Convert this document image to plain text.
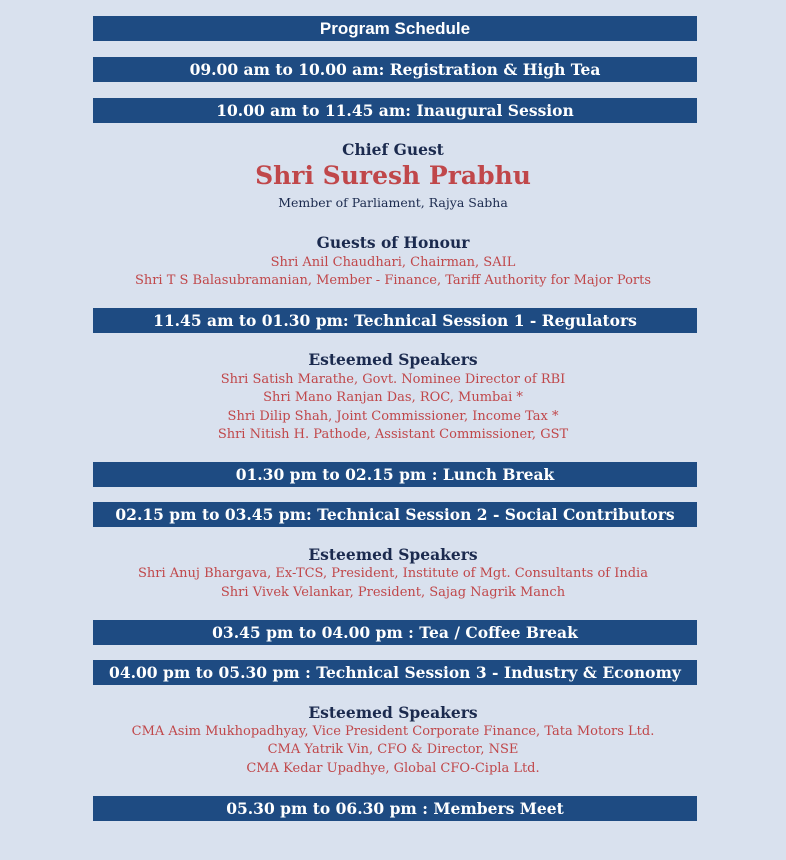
Program Schedule
09.00 am to 10.00 am: Registration & High Tea
10.00 am to 11.45 am: Inaugural Session
Chief Guest
Shri Suresh Prabhu
Member of Parliament, Rajya Sabha
Guests of Honour
Shri Anil Chaudhari, Chairman, SAIL
Shri T S Balasubramanian, Member - Finance, Tariff Authority for Major Ports
11.45 am to 01.30 pm: Technical Session 1 - Regulators
Esteemed Speakers
Shri Satish Marathe, Govt. Nominee Director of RBI
Shri Mano Ranjan Das, ROC, Mumbai *
Shri Dilip Shah, Joint Commissioner, Income Tax *
Shri Nitish H. Pathode, Assistant Commissioner, GST
01.30 pm to 02.15 pm : Lunch Break
02.15 pm to 03.45 pm: Technical Session 2 - Social Contributors
Esteemed Speakers
Shri Anuj Bhargava, Ex-TCS, President, Institute of Mgt. Consultants of India
Shri Vivek Velankar, President, Sajag Nagrik Manch
03.45 pm to 04.00 pm : Tea / Coffee Break
04.00 pm to 05.30 pm : Technical Session 3 - Industry & Economy
Esteemed Speakers
CMA Asim Mukhopadhyay, Vice President Corporate Finance, Tata Motors Ltd.
CMA Yatrik Vin, CFO & Director, NSE
CMA Kedar Upadhye, Global CFO-Cipla Ltd.
05.30 pm to 06.30 pm : Members Meet
